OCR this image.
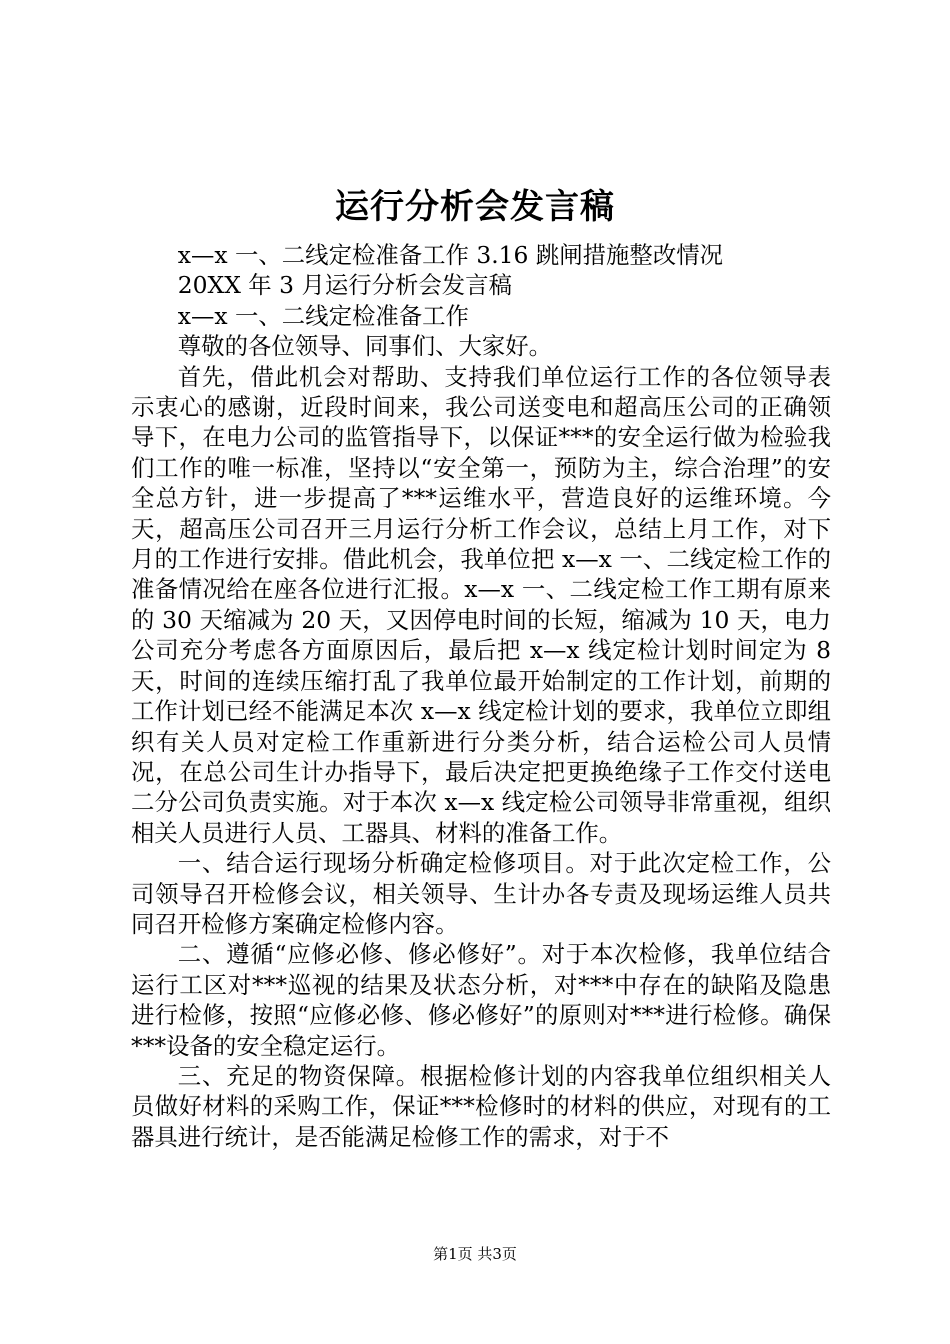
运行分析会发言稿

x—x 一、二线定检准备工作 3.16 跳闸措施整改情况

20XX 年 3 月运行分析会发言稿

x—x 一、二线定检准备工作

尊敬的各位领导、同事们、大家好。

首先，借此机会对帮助、支持我们单位运行工作的各位领导表示衷心的感谢，近段时间来，我公司送变电和超高压公司的正确领导下，在电力公司的监管指导下，以保证***的安全运行做为检验我们工作的唯一标准，坚持以“安全第一，预防为主，综合治理”的安全总方针，进一步提高了***运维水平，营造良好的运维环境。今天，超高压公司召开三月运行分析工作会议，总结上月工作，对下月的工作进行安排。借此机会，我单位把 x—x 一、二线定检工作的准备情况给在座各位进行汇报。x—x 一、二线定检工作工期有原来的 30 天缩减为 20 天，又因停电时间的长短，缩减为 10 天，电力公司充分考虑各方面原因后，最后把 x—x 线定检计划时间定为 8 天，时间的连续压缩打乱了我单位最开始制定的工作计划，前期的工作计划已经不能满足本次 x—x 线定检计划的要求，我单位立即组织有关人员对定检工作重新进行分类分析，结合运检公司人员情况，在总公司生计办指导下，最后决定把更换绝缘子工作交付送电二分公司负责实施。对于本次 x—x 线定检公司领导非常重视，组织相关人员进行人员、工器具、材料的准备工作。

一、结合运行现场分析确定检修项目。对于此次定检工作，公司领导召开检修会议，相关领导、生计办各专责及现场运维人员共同召开检修方案确定检修内容。

二、遵循“应修必修、修必修好”。对于本次检修，我单位结合运行工区对***巡视的结果及状态分析，对***中存在的缺陷及隐患进行检修，按照“应修必修、修必修好”的原则对***进行检修。确保***设备的安全稳定运行。

三、充足的物资保障。根据检修计划的内容我单位组织相关人员做好材料的采购工作，保证***检修时的材料的供应，对现有的工器具进行统计，是否能满足检修工作的需求，对于不

第1页 共3页
